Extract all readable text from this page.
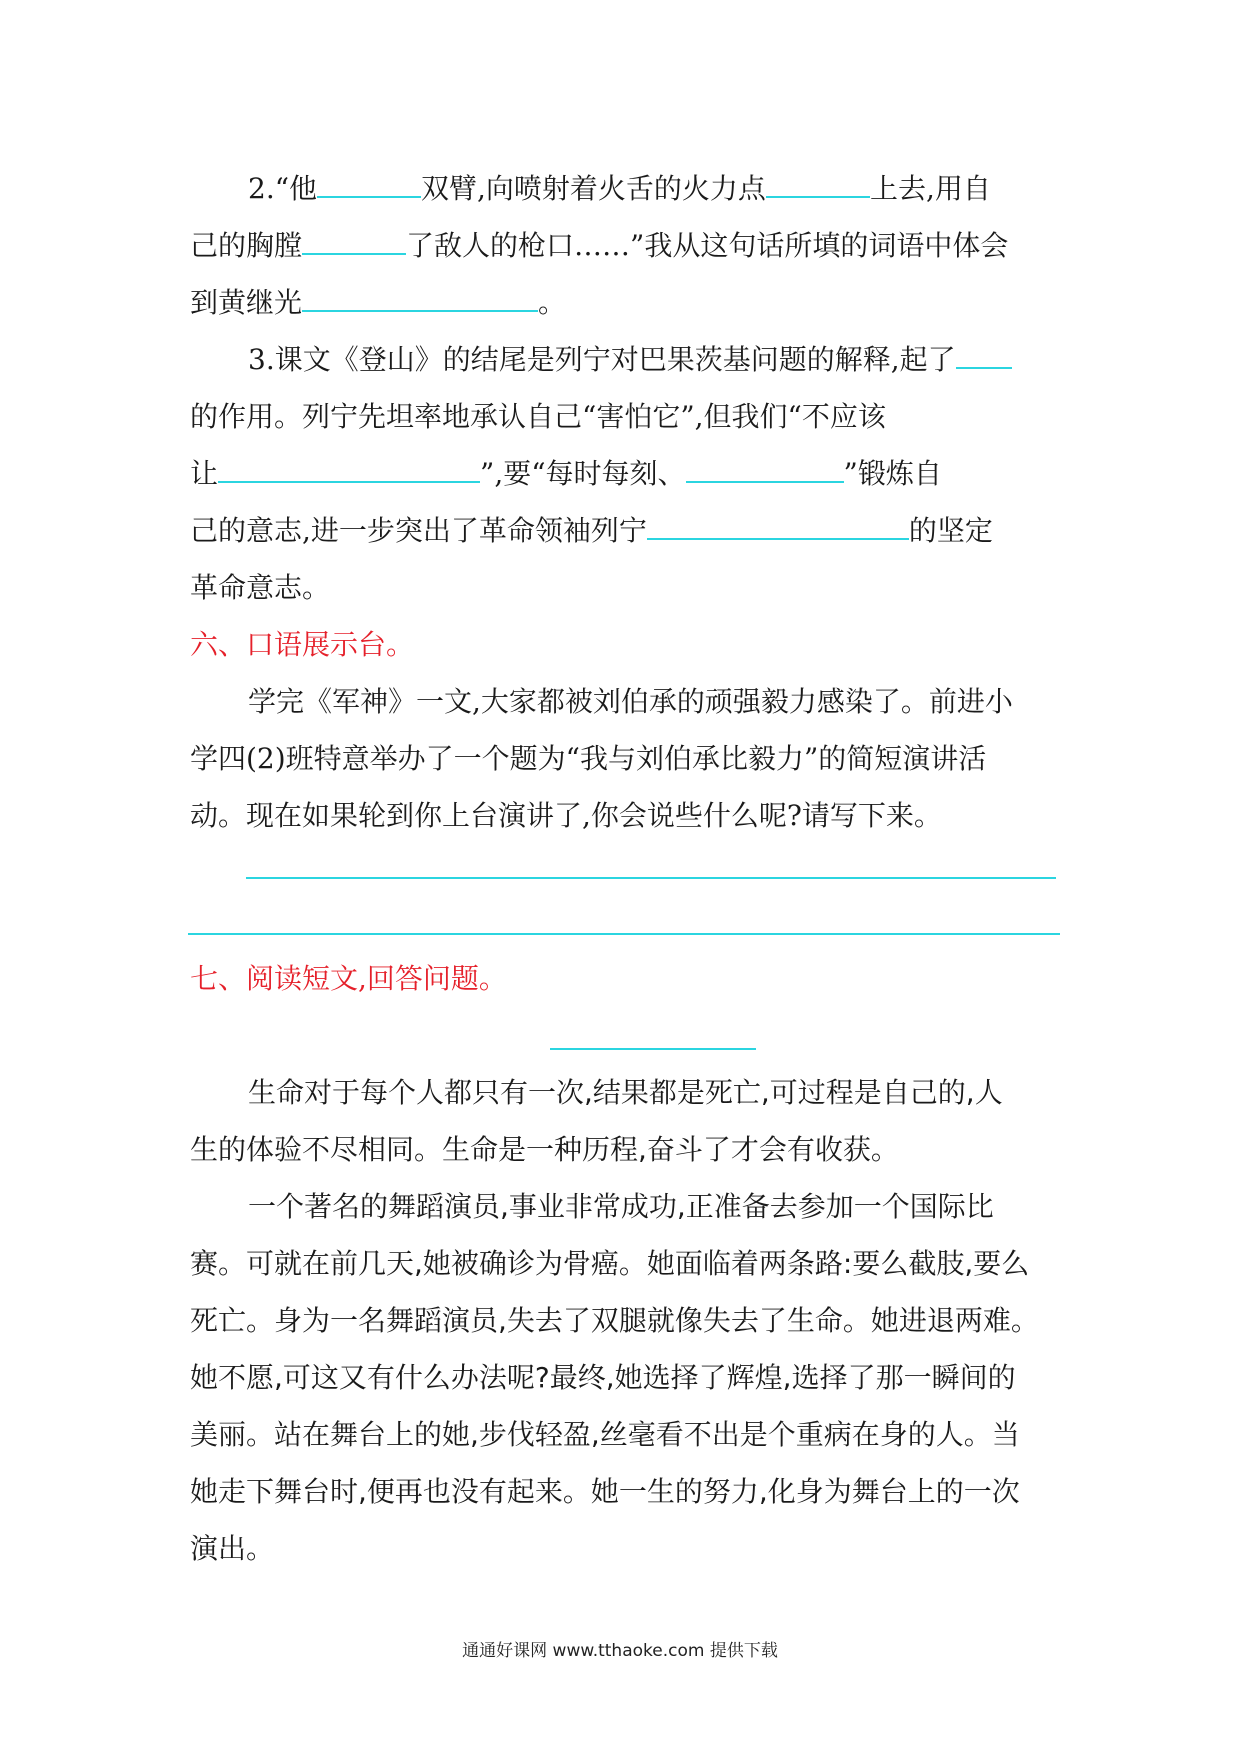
2.“他	双臂,向喷射着火舌的火力点	上去,用自
己的胸膛	了敌人的枪口……”我从这句话所填的词语中体会
到黄继光	。
3.课文《登山》的结尾是列宁对巴果茨基问题的解释,起了
的作用。列宁先坦率地承认自己“害怕它”,但我们“不应该
让	”,要“每时每刻、	”锻炼自
己的意志,进一步突出了革命领袖列宁	的坚定
革命意志。
六、口语展示台。
学完《军神》一文,大家都被刘伯承的顽强毅力感染了。前进小
学四(2)班特意举办了一个题为“我与刘伯承比毅力”的简短演讲活
动。现在如果轮到你上台演讲了,你会说些什么呢?请写下来。
七、阅读短文,回答问题。
生命对于每个人都只有一次,结果都是死亡,可过程是自己的,人
生的体验不尽相同。生命是一种历程,奋斗了才会有收获。
一个著名的舞蹈演员,事业非常成功,正准备去参加一个国际比
赛。可就在前几天,她被确诊为骨癌。她面临着两条路:要么截肢,要么
死亡。身为一名舞蹈演员,失去了双腿就像失去了生命。她进退两难。
她不愿,可这又有什么办法呢?最终,她选择了辉煌,选择了那一瞬间的
美丽。站在舞台上的她,步伐轻盈,丝毫看不出是个重病在身的人。当
她走下舞台时,便再也没有起来。她一生的努力,化身为舞台上的一次
演出。
通通好课网 www.tthaoke.com 提供下载
